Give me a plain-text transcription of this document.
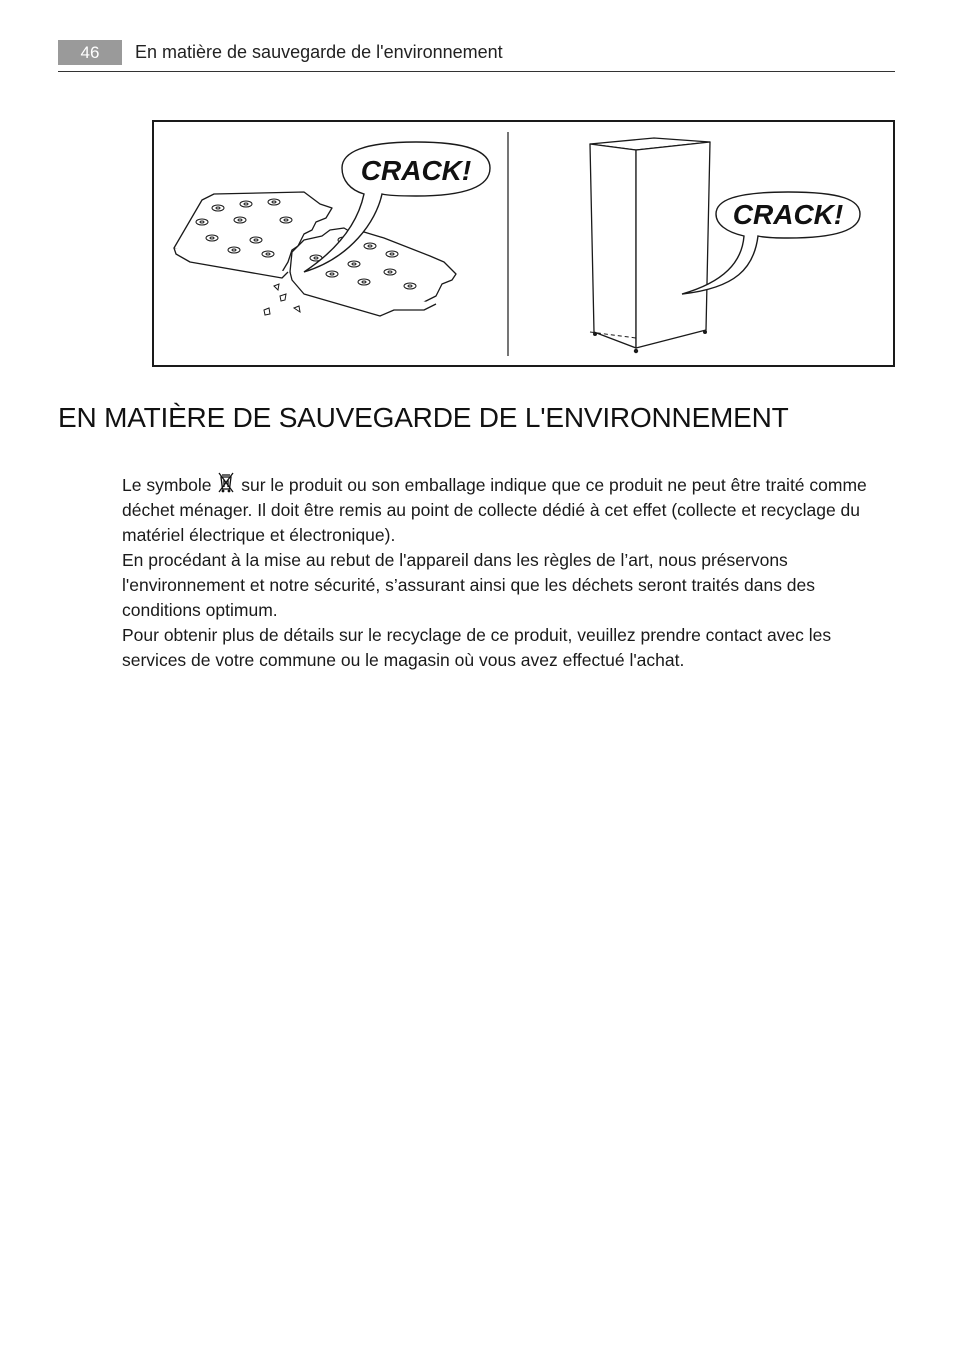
46	En matière de sauvegarde de l'environnement
CRACK!
CRACK!
EN MATIÈRE DE SAUVEGARDE DE L'ENVIRONNEMENT

Le symbole sur le produit ou son emballage indique que ce produit ne peut être traité comme déchet ménager. Il doit être remis au point de collecte dédié à cet effet (collecte et recyclage du matériel électrique et électronique).

En procédant à la mise au rebut de l'appareil dans les règles de l’art, nous préservons l'environnement et notre sécurité, s’assurant ainsi que les déchets seront traités dans des conditions optimum.

Pour obtenir plus de détails sur le recyclage de ce produit, veuillez prendre contact avec les services de votre commune ou le magasin où vous avez effectué l'achat.
